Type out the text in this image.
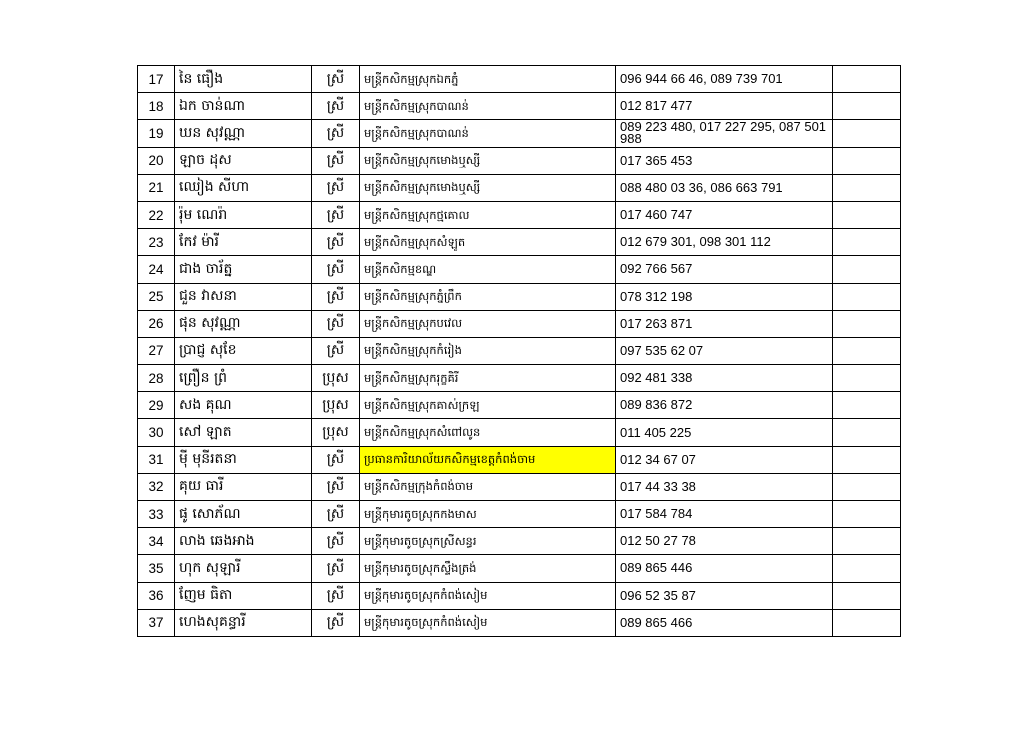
17	នៃ ធឿង	ស្រី	មន្ត្រីកសិកម្មស្រុកឯកភ្នំ	096 944 66 46, 089 739 701	
18	ឯក ចាន់ណា	ស្រី	មន្ត្រីកសិកម្មស្រុកបាណន់	012 817 477	
19	ឃន សុវណ្ណា	ស្រី	មន្ត្រីកសិកម្មស្រុកបាណន់	089 223 480, 017 227 295, 087 501 988	
20	ឡាច ដុស	ស្រី	មន្ត្រីកសិកម្មស្រុកមោងឬស្សី	017 365 453	
21	ឈៀង សីហា	ស្រី	មន្ត្រីកសិកម្មស្រុកមោងឬស្សី	088 480 03 36, 086 663 791	
22	រ៉ុម ណេរ៉ា	ស្រី	មន្ត្រីកសិកម្មស្រុកថ្មគោល	017 460 747	
23	កែវ ម៉ារី	ស្រី	មន្ត្រីកសិកម្មស្រុកសំឡូត	012 679 301, 098 301 112	
24	ជាង ចារ័ត្ន	ស្រី	មន្ត្រីកសិកម្មខណ្ឌ	092 766 567	
25	ជួន វាសនា	ស្រី	មន្ត្រីកសិកម្មស្រុកភ្នំព្រឹក	078 312 198	
26	ផុន សុវណ្ណា	ស្រី	មន្ត្រីកសិកម្មស្រុកបវេល	017 263 871	
27	ប្រាជ្ញ សុខែ	ស្រី	មន្ត្រីកសិកម្មស្រុកកំរៀង	097 535 62 07	
28	ព្រឿន ព្រំ	ប្រុស	មន្ត្រីកសិកម្មស្រុករុក្ខគិរី	092 481 338	
29	សង គុណ	ប្រុស	មន្ត្រីកសិកម្មស្រុកគាស់ក្រឡ	089 836 872	
30	សៅ ឡាត	ប្រុស	មន្ត្រីកសិកម្មស្រុកសំពៅលូន	011 405 225	
31	ម៉ី មុនីរតនា	ស្រី	ប្រធានការិយាល័យកសិកម្មខេត្តកំពង់ចាម	012 34 67 07	
32	គុយ ធារី	ស្រី	មន្ត្រីកសិកម្មក្រុងកំពង់ចាម	017 44 33 38	
33	ផូ សោភ័ណ	ស្រី	មន្ត្រីកុមារតូចស្រុកកងមាស	017 584 784	
34	លាង ឆេងអាង	ស្រី	មន្ត្រីកុមារតូចស្រុកស្រីសន្ធរ	012 50 27 78	
35	ហុក សុឡារី	ស្រី	មន្ត្រីកុមារតូចស្រុកស្ទឹងត្រង់	089 865 446	
36	ញែម ធិតា	ស្រី	មន្ត្រីកុមារតូចស្រុកកំពង់សៀម	096 52 35 87	
37	ហេងសុគន្ធារី	ស្រី	មន្ត្រីកុមារតូចស្រុកកំពង់សៀម	089 865 466	
